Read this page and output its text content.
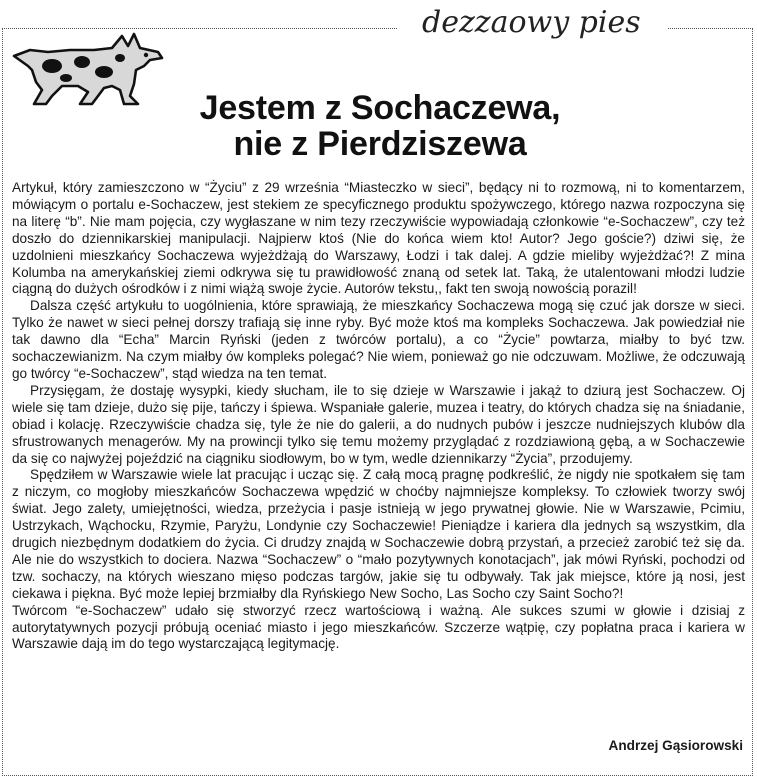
dezzaowy pies
Jestem z Sochaczewa,
nie z Pierdziszewa

Artykuł, który zamieszczono w “Życiu” z 29 września “Miasteczko w sieci”, będący ni to rozmową, ni to komentarzem, mówiącym o portalu e-Sochaczew, jest stekiem ze specyficznego produktu spożywczego, którego nazwa rozpoczyna się na literę “b”. Nie mam pojęcia, czy wygłaszane w nim tezy rzeczywiście wypowiadają członkowie “e-Sochaczew”, czy też doszło do dziennikarskiej manipulacji. Najpierw ktoś (Nie do końca wiem kto! Autor? Jego goście?) dziwi się, że uzdolnieni mieszkańcy Sochaczewa wyjeżdżają do Warszawy, Łodzi i tak dalej. A gdzie mieliby wyjeżdżać?! Z mina Kolumba na amerykańskiej ziemi odkrywa się tu prawidłowość znaną od setek lat. Taką, że utalentowani młodzi ludzie ciągną do dużych ośrodków i z nimi wiążą swoje życie. Autorów tekstu,, fakt ten swoją nowością porazil!

Dalsza część artykułu to uogólnienia, które sprawiają, że mieszkańcy Sochaczewa mogą się czuć jak dorsze w sieci. Tylko że nawet w sieci pełnej dorszy trafiają się inne ryby. Być może ktoś ma kompleks Sochaczewa. Jak powiedział nie tak dawno dla “Echa” Marcin Ryński (jeden z twórców portalu), a co “Życie” powtarza, miałby to być tzw. sochaczewianizm. Na czym miałby ów kompleks polegać? Nie wiem, ponieważ go nie odczuwam. Możliwe, że odczuwają go twórcy “e-Sochaczew”, stąd wiedza na ten temat.

Przysięgam, że dostaję wysypki, kiedy słucham, ile to się dzieje w Warszawie i jakąż to dziurą jest Sochaczew. Oj wiele się tam dzieje, dużo się pije, tańczy i śpiewa. Wspaniałe galerie, muzea i teatry, do których chadza się na śniadanie, obiad i kolację. Rzeczywiście chadza się, tyle że nie do galerii, a do nudnych pubów i jeszcze nudniejszych klubów dla sfrustrowanych menagerów. My na prowincji tylko się temu możemy przyglądać z rozdziawioną gębą, a w Sochaczewie da się co najwyżej pojeździć na ciągniku siodłowym, bo w tym, wedle dziennikarzy “Życia”, przodujemy.

Spędziłem w Warszawie wiele lat pracując i ucząc się. Z całą mocą pragnę podkreślić, że nigdy nie spotkałem się tam z niczym, co mogłoby mieszkańców Sochaczewa wpędzić w choćby najmniejsze kompleksy. To człowiek tworzy swój świat. Jego zalety, umiejętności, wiedza, przeżycia i pasje istnieją w jego prywatnej głowie. Nie w Warszawie, Pcimiu, Ustrzykach, Wąchocku, Rzymie, Paryżu, Londynie czy Sochaczewie! Pieniądze i kariera dla jednych są wszystkim, dla drugich niezbędnym dodatkiem do życia. Ci drudzy znajdą w Sochaczewie dobrą przystań, a przecież zarobić też się da. Ale nie do wszystkich to dociera. Nazwa “Sochaczew” o “mało pozytywnych konotacjach”, jak mówi Ryński, pochodzi od tzw. sochaczy, na których wieszano mięso podczas targów, jakie się tu odbywały. Tak jak miejsce, które ją nosi, jest ciekawa i piękna. Być może lepiej brzmiałby dla Ryńskiego New Socho, Las Socho czy Saint Socho?!

Twórcom “e-Sochaczew” udało się stworzyć rzecz wartościową i ważną. Ale sukces szumi w głowie i dzisiaj z autorytatywnych pozycji próbują oceniać miasto i jego mieszkańców. Szczerze wątpię, czy popłatna praca i kariera w Warszawie dają im do tego wystarczającą legitymację.

Andrzej Gąsiorowski
